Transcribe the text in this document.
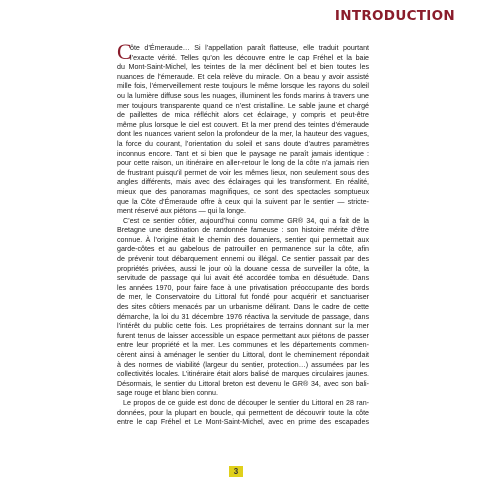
INTRODUCTION
C
ôte d’Émeraude… Si l’appellation paraît flatteuse, elle traduit pourtant
l’exacte vérité. Telles qu’on les découvre entre le cap Fréhel et la baie
du Mont-Saint-Michel, les teintes de la mer déclinent bel et bien toutes les
nuances de l’émeraude. Et cela relève du miracle. On a beau y avoir assisté
mille fois, l’émerveillement reste toujours le même lorsque les rayons du soleil
ou la lumière diffuse sous les nuages, illuminent les fonds marins à travers une
mer toujours transparente quand ce n’est cristalline. Le sable jaune et chargé
de paillettes de mica réfléchit alors cet éclairage, y compris et peut-être
même plus lorsque le ciel est couvert. Et la mer prend des teintes d’émeraude
dont les nuances varient selon la profondeur de la mer, la hauteur des vagues,
la force du courant, l’orientation du soleil et sans doute d’autres paramètres
inconnus encore. Tant et si bien que le paysage ne paraît jamais identique :
pour cette raison, un itinéraire en aller-retour le long de la côte n’a jamais rien
de frustrant puisqu’il permet de voir les mêmes lieux, non seulement sous des
angles différents, mais avec des éclairages qui les transforment. En réalité,
mieux que des panoramas magnifiques, ce sont des spectacles somptueux
que la Côte d’Émeraude offre à ceux qui la suivent par le sentier — stricte-
ment réservé aux piétons — qui la longe.
C’est ce sentier côtier, aujourd’hui connu comme GR® 34, qui a fait de la
Bretagne une destination de randonnée fameuse : son histoire mérite d’être
connue. À l’origine était le chemin des douaniers, sentier qui permettait aux
garde-côtes et au gabelous de patrouiller en permanence sur la côte, afin
de prévenir tout débarquement ennemi ou illégal. Ce sentier passait par des
propriétés privées, aussi le jour où la douane cessa de surveiller la côte, la
servitude de passage qui lui avait été accordée tomba en désuétude. Dans
les années 1970, pour faire face à une privatisation préoccupante des bords
de mer, le Conservatoire du Littoral fut fondé pour acquérir et sanctuariser
des sites côtiers menacés par un urbanisme délirant. Dans le cadre de cette
démarche, la loi du 31 décembre 1976 réactiva la servitude de passage, dans
l’intérêt du public cette fois. Les propriétaires de terrains donnant sur la mer
furent tenus de laisser accessible un espace permettant aux piétons de passer
entre leur propriété et la mer. Les communes et les départements commen-
cèrent ainsi à aménager le sentier du Littoral, dont le cheminement répondait
à des normes de viabilité (largeur du sentier, protection…) assumées par les
collectivités locales. L’itinéraire était alors balisé de marques circulaires jaunes.
Désormais, le sentier du Littoral breton est devenu le GR® 34, avec son bali-
sage rouge et blanc bien connu.
Le propos de ce guide est donc de découper le sentier du Littoral en 28 ran-
données, pour la plupart en boucle, qui permettent de découvrir toute la côte
entre le cap Fréhel et Le Mont-Saint-Michel, avec en prime des escapades
3
